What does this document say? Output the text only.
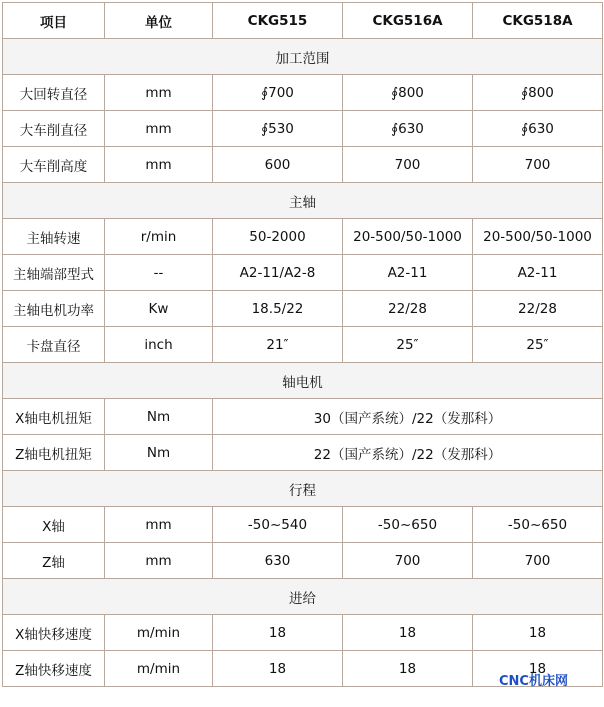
项目	单位	CKG515	CKG516A	CKG518A
加工范围				
大回转直径	mm	∮700	∮800	∮800
大车削直径	mm	∮530	∮630	∮630
大车削高度	mm	600	700	700
主轴				
主轴转速	r/min	50-2000	20-500/50-1000	20-500/50-1000
主轴端部型式	--	A2-11/A2-8	A2-11	A2-11
主轴电机功率	Kw	18.5/22	22/28	22/28
卡盘直径	inch	21″	25″	25″
轴电机				
X轴电机扭矩	Nm	30（国产系统）/22（发那科）		
Z轴电机扭矩	Nm	22（国产系统）/22（发那科）		
行程				
X轴	mm	-50~540	-50~650	-50~650
Z轴	mm	630	700	700
进给				
X轴快移速度	m/min	18	18	18
Z轴快移速度	m/min	18	18	18
CNC机床网
